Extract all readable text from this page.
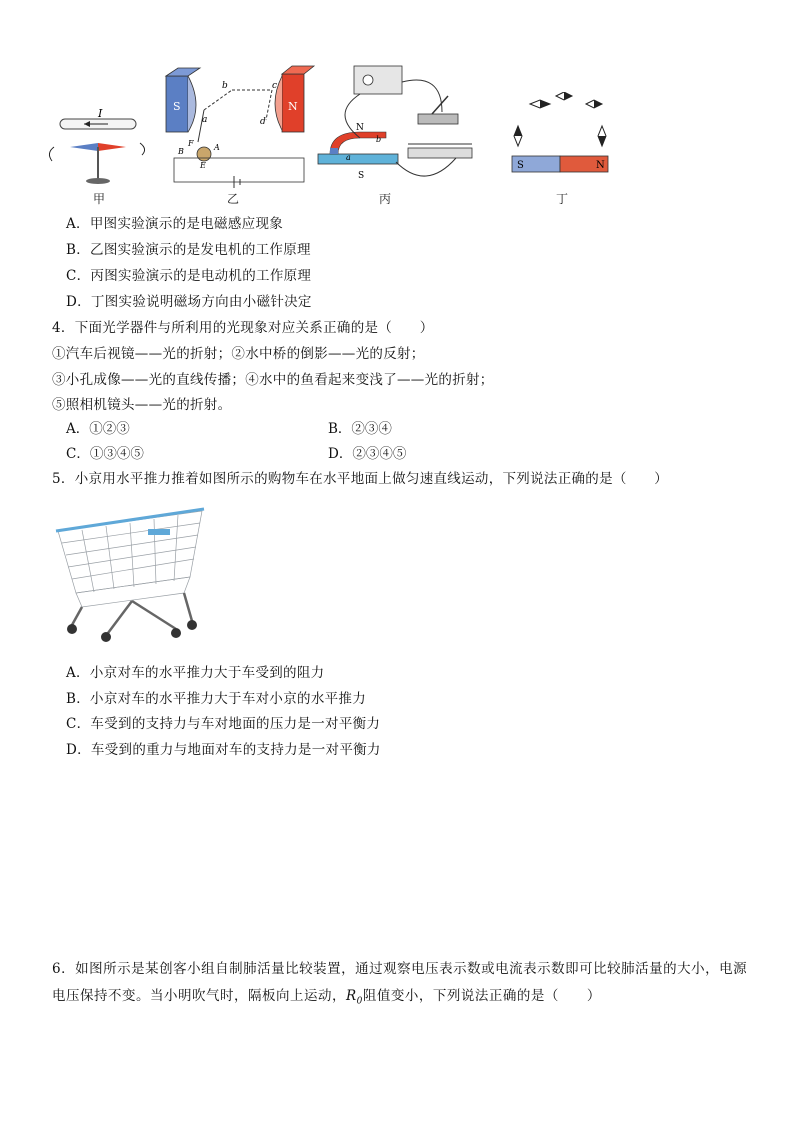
I
甲
S	N
a
b	c
d
A
B
E
F
乙
N
S
b
a
丙
S	N
丁
A．甲图实验演示的是电磁感应现象
B．乙图实验演示的是发电机的工作原理
C．丙图实验演示的是电动机的工作原理
D．丁图实验说明磁场方向由小磁针决定
4．下面光学器件与所利用的光现象对应关系正确的是（　　）
①汽车后视镜——光的折射；②水中桥的倒影——光的反射；
③小孔成像——光的直线传播；④水中的鱼看起来变浅了——光的折射；
⑤照相机镜头——光的折射。
A．①②③	B．②③④
C．①③④⑤	D．②③④⑤
5．小京用水平推力推着如图所示的购物车在水平地面上做匀速直线运动，下列说法正确的是（　　）
A．小京对车的水平推力大于车受到的阻力
B．小京对车的水平推力大于车对小京的水平推力
C．车受到的支持力与车对地面的压力是一对平衡力
D．车受到的重力与地面对车的支持力是一对平衡力
6．如图所示是某创客小组自制肺活量比较装置，通过观察电压表示数或电流表示数即可比较肺活量的大小，电源电压保持不变。当小明吹气时，隔板向上运动，$R_0$阻值变小，下列说法正确的是（　　）
